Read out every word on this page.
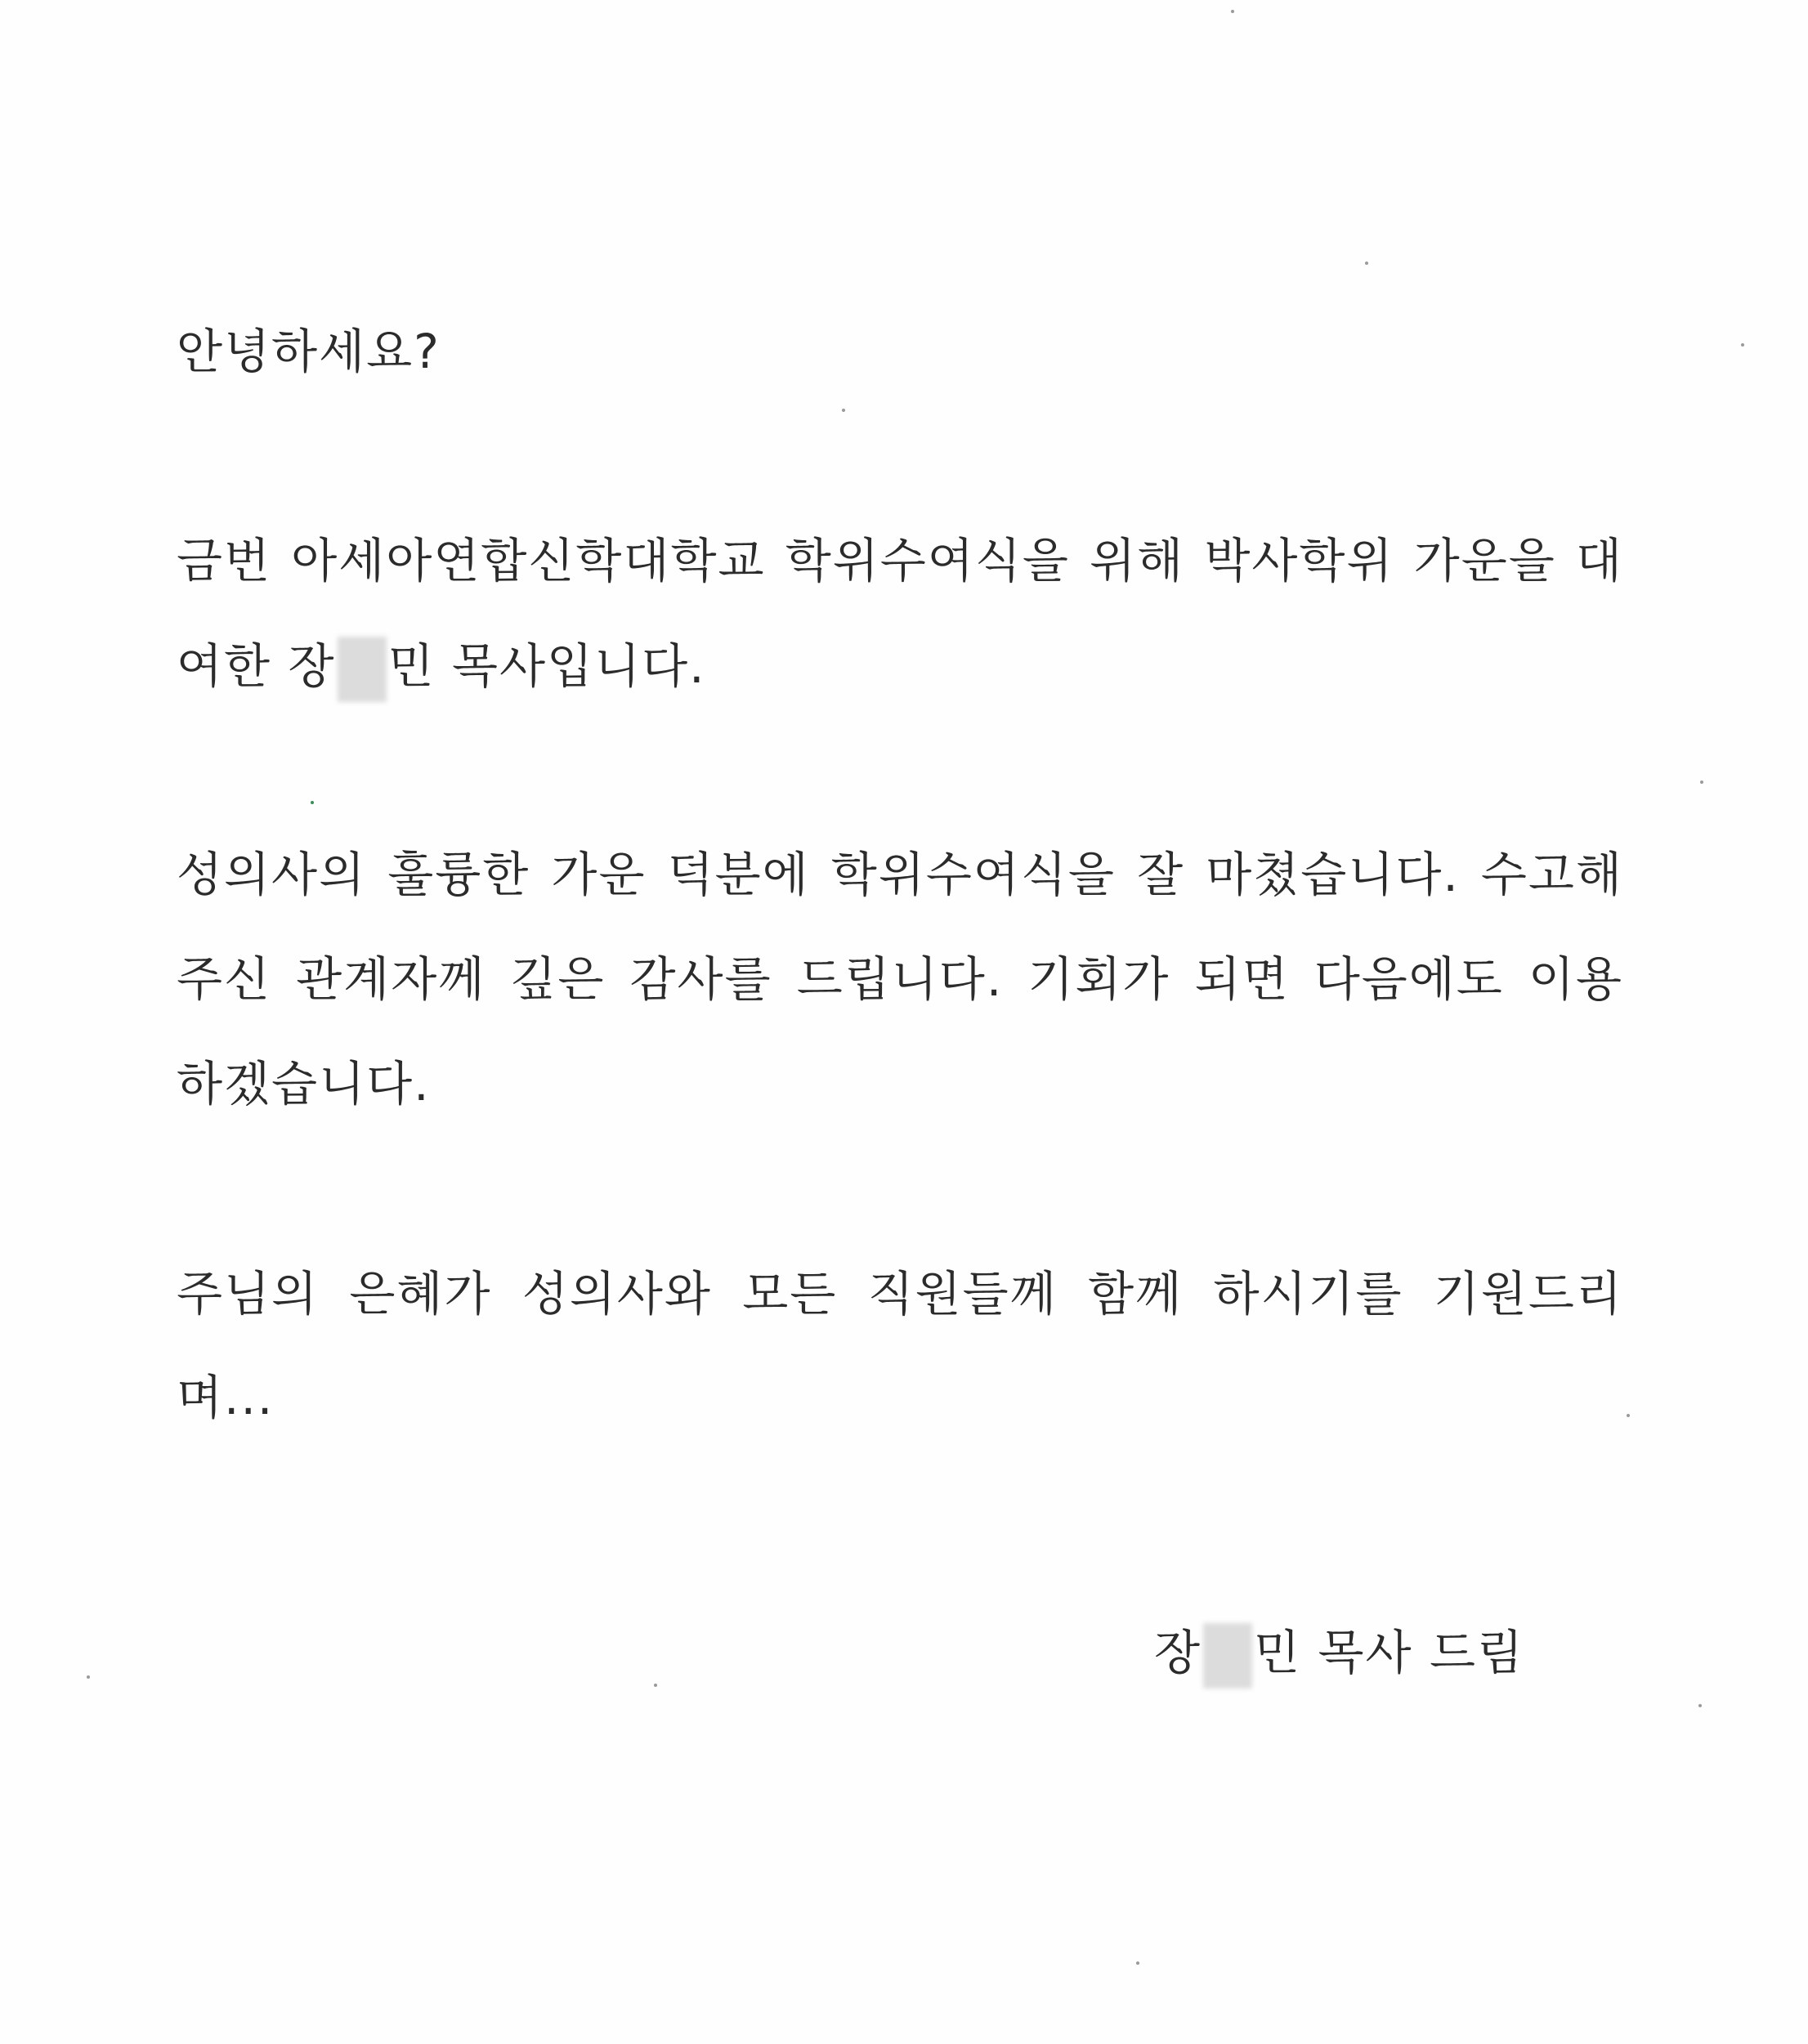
안녕하세요?
금번 아세아연합신학대학교 학위수여식을 위해 박사학위 가운을 대
여한 장 민 목사입니다.
성의사의 훌륭한 가운 덕분에 학위수여식을 잘 마쳤습니다. 수고해
주신 관계자께 깊은 감사를 드립니다. 기회가 되면 다음에도 이용
하겠습니다.
주님의 은혜가 성의사와 모든 직원들께 함께 하시기를 기원드리
며...
장 민 목사 드림
